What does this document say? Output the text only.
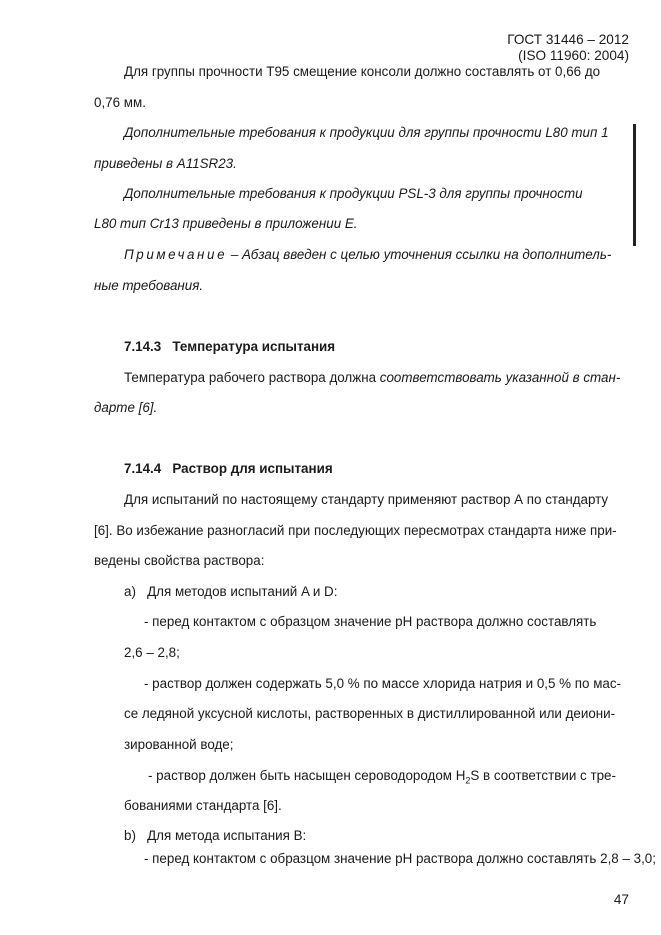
ГОСТ 31446 – 2012
(ISO 11960: 2004)
Для группы прочности Т95 смещение консоли должно составлять от 0,66 до
0,76 мм.
Дополнительные требования к продукции для группы прочности L80 тип 1
приведены в А11SR23.
Дополнительные требования к продукции PSL-3 для группы прочности
L80 тип Cr13 приведены в приложении Е.
Примечание – Абзац введен с целью уточнения ссылки на дополнитель-
ные требования.
7.14.3 Температура испытания
Температура рабочего раствора должна соответствовать указанной в стан-
дарте [6].
7.14.4 Раствор для испытания
Для испытаний по настоящему стандарту применяют раствор А по стандарту
[6]. Во избежание разногласий при последующих пересмотрах стандарта ниже при-
ведены свойства раствора:
а) Для методов испытаний A и D:
- перед контактом с образцом значение pH раствора должно составлять
2,6 – 2,8;
- раствор должен содержать 5,0 % по массе хлорида натрия и 0,5 % по мас-
се ледяной уксусной кислоты, растворенных в дистиллированной или деиони-
зированной воде;
- раствор должен быть насыщен сероводородом $H_2S$ в соответствии с тре-
бованиями стандарта [6].
b) Для метода испытания В:
- перед контактом с образцом значение pH раствора должно составлять 2,8 – 3,0;
47
